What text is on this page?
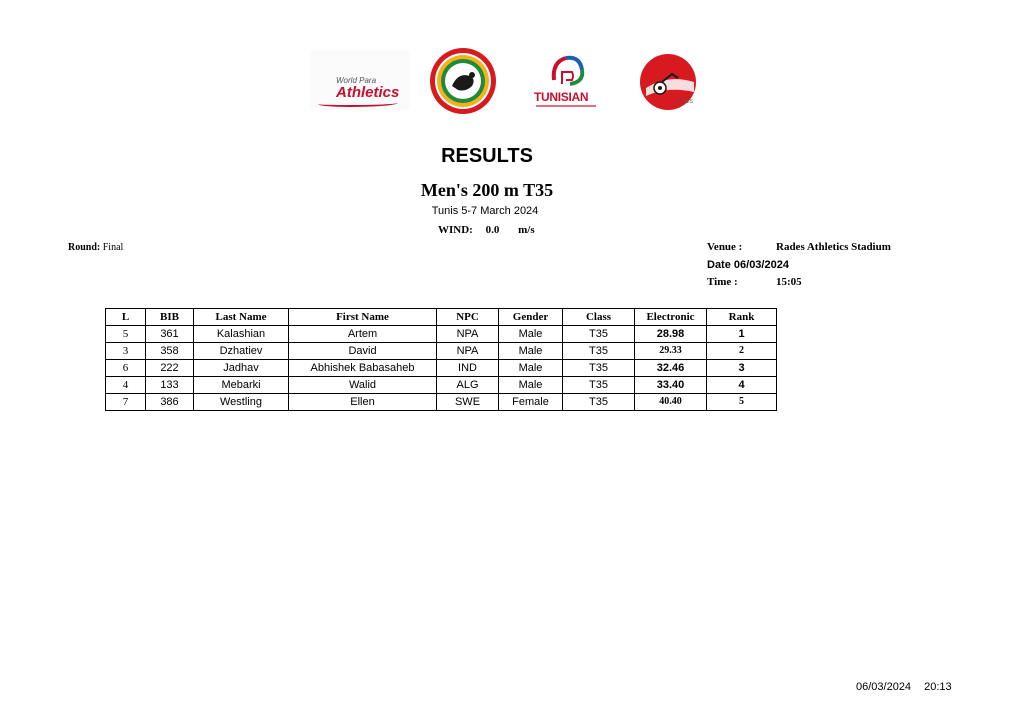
World Para
Athletics	TUNISIAN	TUNIS
RESULTS
Men's 200 m T35
Tunis 5-7 March 2024
WIND: 0.0 m/s
Round: Final	Venue :	Rades Athletics Stadium
Date 06/03/2024
Time :	15:05
L	BIB	Last Name	First Name	NPC	Gender	Class	Electronic	Rank
5	361	Kalashian	Artem	NPA	Male	T35	28.98	1
3	358	Dzhatiev	David	NPA	Male	T35	29.33	2
6	222	Jadhav	Abhishek Babasaheb	IND	Male	T35	32.46	3
4	133	Mebarki	Walid	ALG	Male	T35	33.40	4
7	386	Westling	Ellen	SWE	Female	T35	40.40	5
06/03/2024 20:13
